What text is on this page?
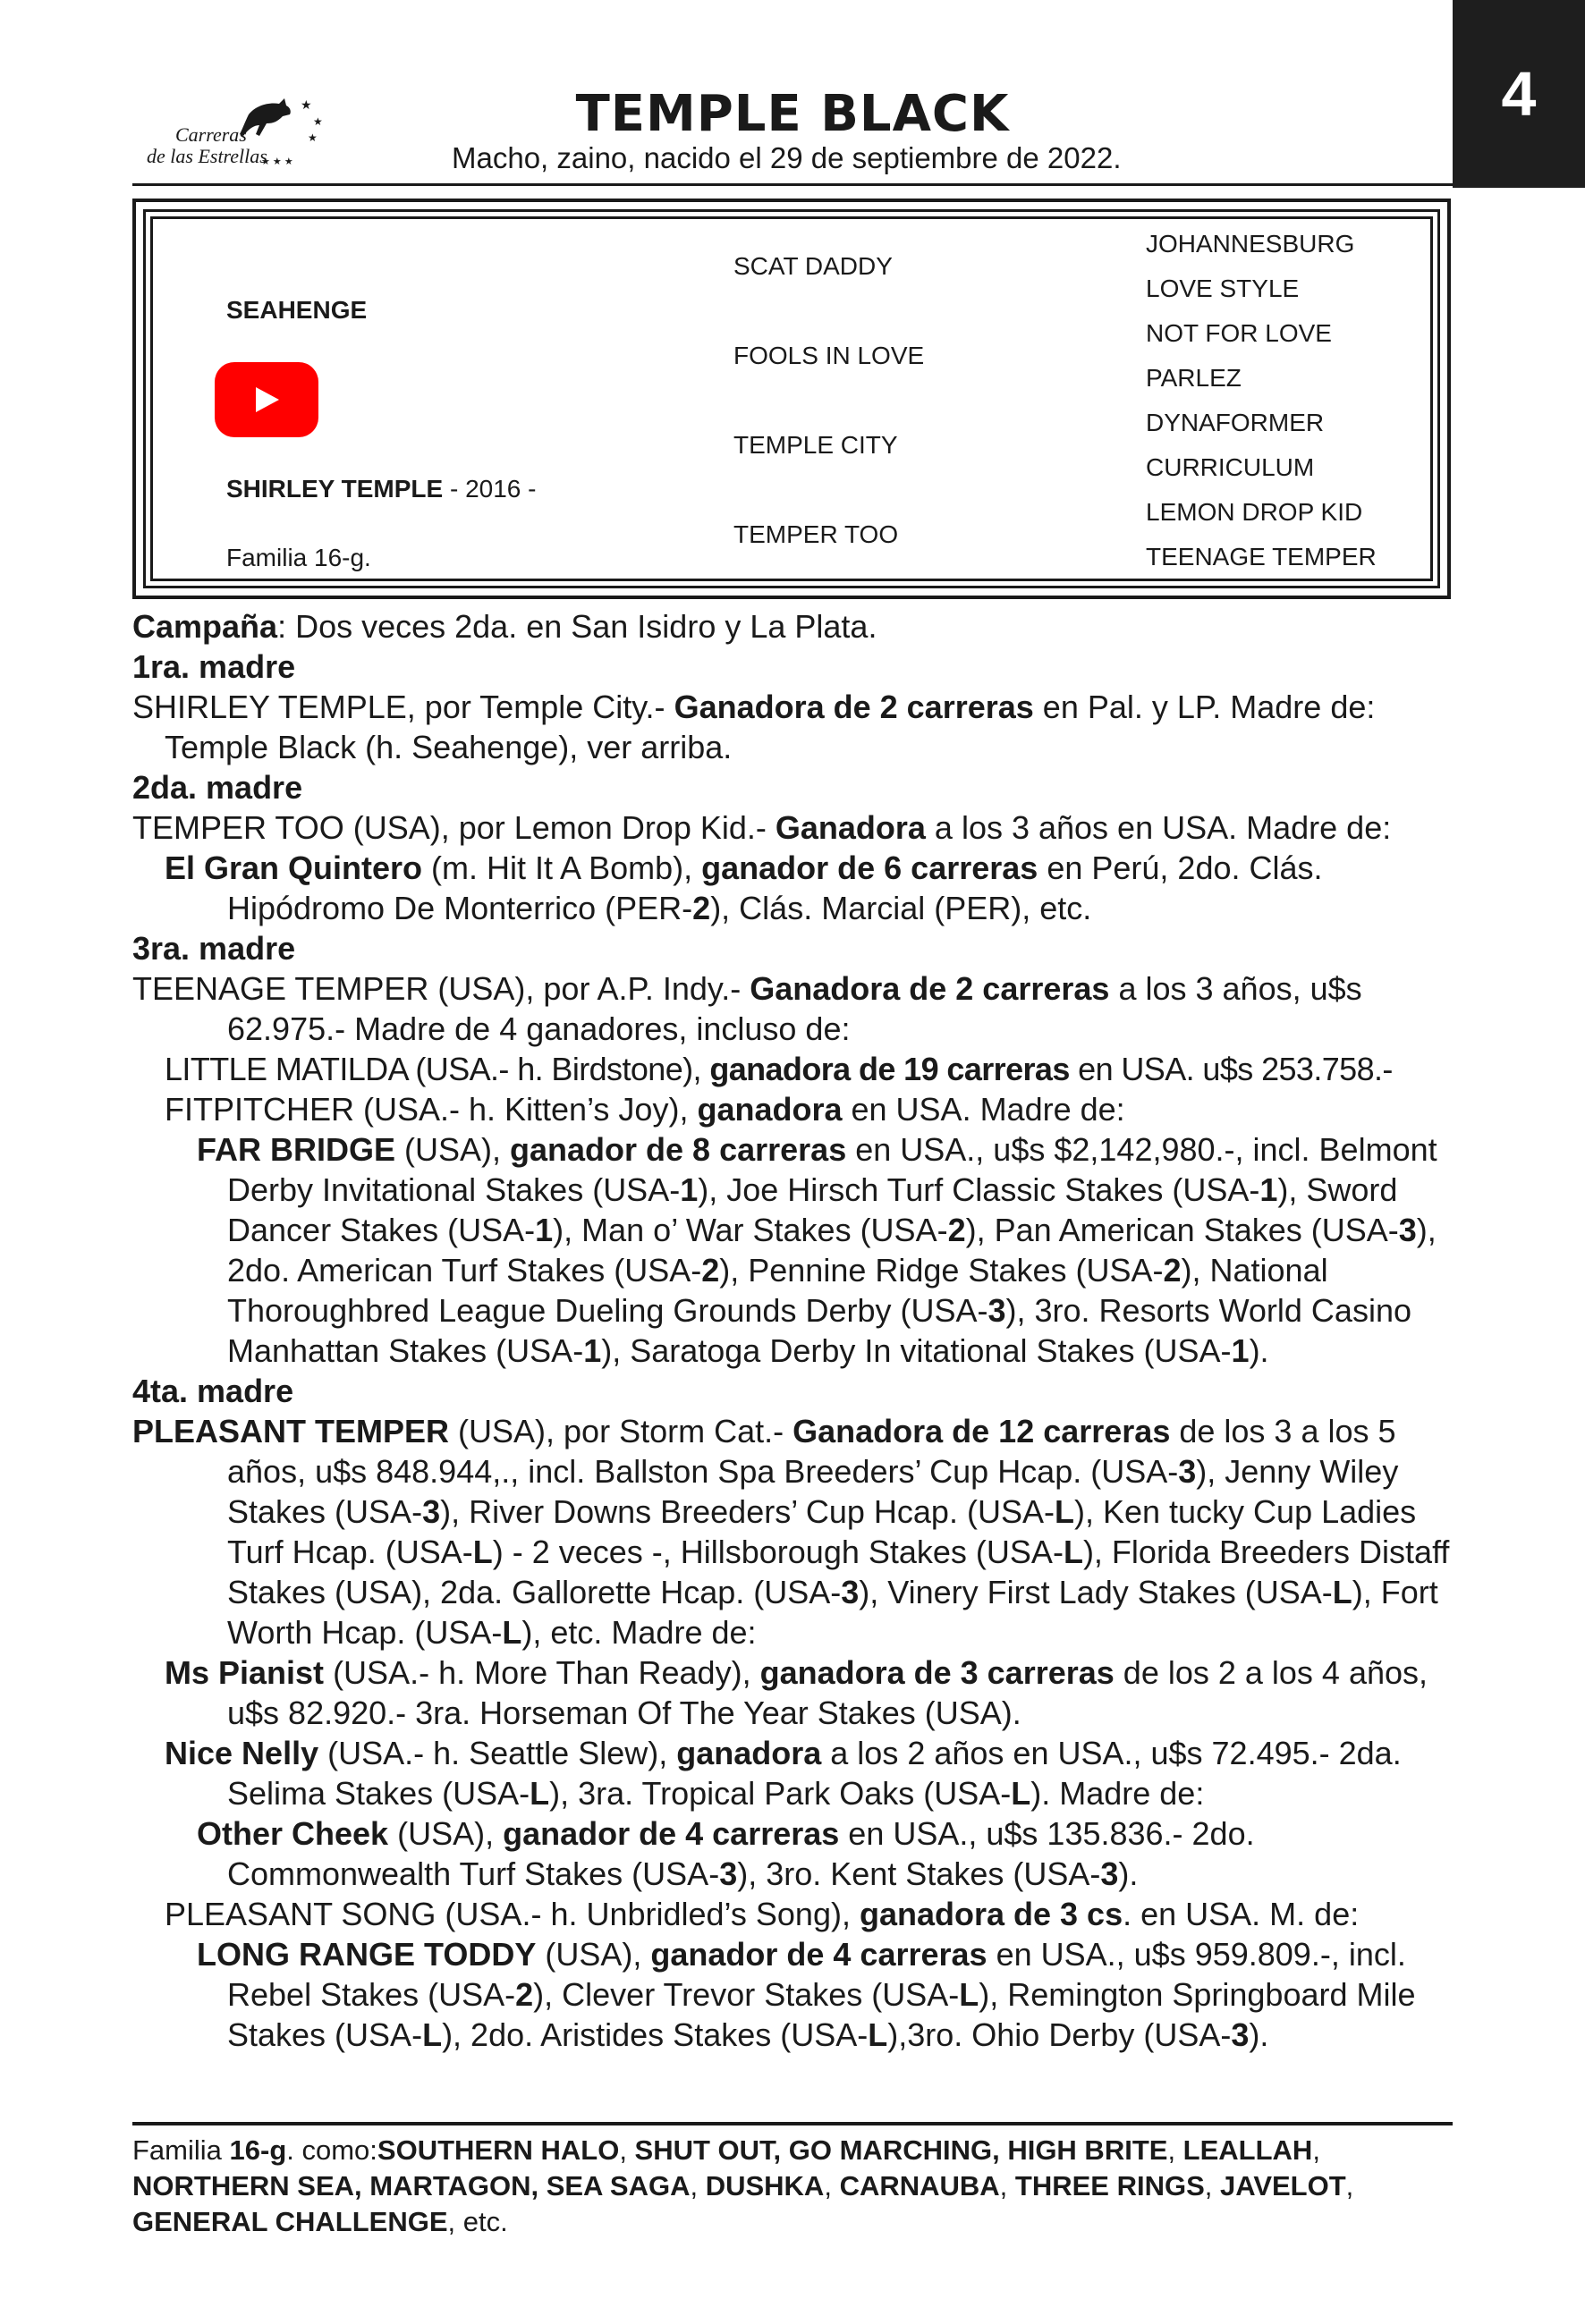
4
★
★
★
★ ★ ★
Carreras
de las Estrellas
TEMPLE BLACK
Macho, zaino, nacido el 29 de septiembre de 2022.
SEAHENGE
SHIRLEY TEMPLE - 2016 -
Familia 16-g.
SCAT DADDY
FOOLS IN LOVE
TEMPLE CITY
TEMPER TOO
JOHANNESBURG
LOVE STYLE
NOT FOR LOVE
PARLEZ
DYNAFORMER
CURRICULUM
LEMON DROP KID
TEENAGE TEMPER

Campaña: Dos veces 2da. en San Isidro y La Plata.

1ra. madre

SHIRLEY TEMPLE, por Temple City.- Ganadora de 2 carreras en Pal. y LP. Madre de:

Temple Black (h. Seahenge), ver arriba.

2da. madre

TEMPER TOO (USA), por Lemon Drop Kid.- Ganadora a los 3 años en USA. Madre de:

El Gran Quintero (m. Hit It A Bomb), ganador de 6 carreras en Perú, 2do. Clás. Hipódromo De Monterrico (PER-2), Clás. Marcial (PER), etc.

3ra. madre

TEENAGE TEMPER (USA), por A.P. Indy.- Ganadora de 2 carreras a los 3 años, u$s 62.975.- Madre de 4 ganadores, incluso de:

LITTLE MATILDA (USA.- h. Birdstone), ganadora de 19 carreras en USA. u$s 253.758.-

FITPITCHER (USA.- h. Kitten’s Joy), ganadora en USA. Madre de:

FAR BRIDGE (USA), ganador de 8 carreras en USA., u$s $2,142,980.-, incl. Belmont Derby Invitational Stakes (USA-1), Joe Hirsch Turf Classic Stakes (USA-1), Sword Dancer Stakes (USA-1), Man o’ War Stakes (USA-2), Pan American Stakes (USA-3), 2do. American Turf Stakes (USA-2), Pennine Ridge Stakes (USA-2), National Thoroughbred League Dueling Grounds Derby (USA-3), 3ro. Resorts World Casino Manhattan Stakes (USA-1), Saratoga Derby In vitational Stakes (USA-1).

4ta. madre

PLEASANT TEMPER (USA), por Storm Cat.- Ganadora de 12 carreras de los 3 a los 5 años, u$s 848.944,., incl. Ballston Spa Breeders’ Cup Hcap. (USA-3), Jenny Wiley Stakes (USA-3), River Downs Breeders’ Cup Hcap. (USA-L), Ken tucky Cup Ladies Turf Hcap. (USA-L) - 2 veces -, Hillsborough Stakes (USA-L), Florida Breeders Distaff Stakes (USA), 2da. Gallorette Hcap. (USA-3), Vinery First Lady Stakes (USA-L), Fort Worth Hcap. (USA-L), etc. Madre de:

Ms Pianist (USA.- h. More Than Ready), ganadora de 3 carreras de los 2 a los 4 años, u$s 82.920.- 3ra. Horseman Of The Year Stakes (USA).

Nice Nelly (USA.- h. Seattle Slew), ganadora a los 2 años en USA., u$s 72.495.- 2da. Selima Stakes (USA-L), 3ra. Tropical Park Oaks (USA-L). Madre de:

Other Cheek (USA), ganador de 4 carreras en USA., u$s 135.836.- 2do. Commonwealth Turf Stakes (USA-3), 3ro. Kent Stakes (USA-3).

PLEASANT SONG (USA.- h. Unbridled’s Song), ganadora de 3 cs. en USA. M. de:

LONG RANGE TODDY (USA), ganador de 4 carreras en USA., u$s 959.809.-, incl. Rebel Stakes (USA-2), Clever Trevor Stakes (USA-L), Remington Springboard Mile Stakes (USA-L), 2do. Aristides Stakes (USA-L),3ro. Ohio Derby (USA-3).

Familia 16-g. como:SOUTHERN HALO, SHUT OUT, GO MARCHING, HIGH BRITE, LEALLAH, NORTHERN SEA, MARTAGON, SEA SAGA, DUSHKA, CARNAUBA, THREE RINGS, JAVELOT, GENERAL CHALLENGE, etc.
